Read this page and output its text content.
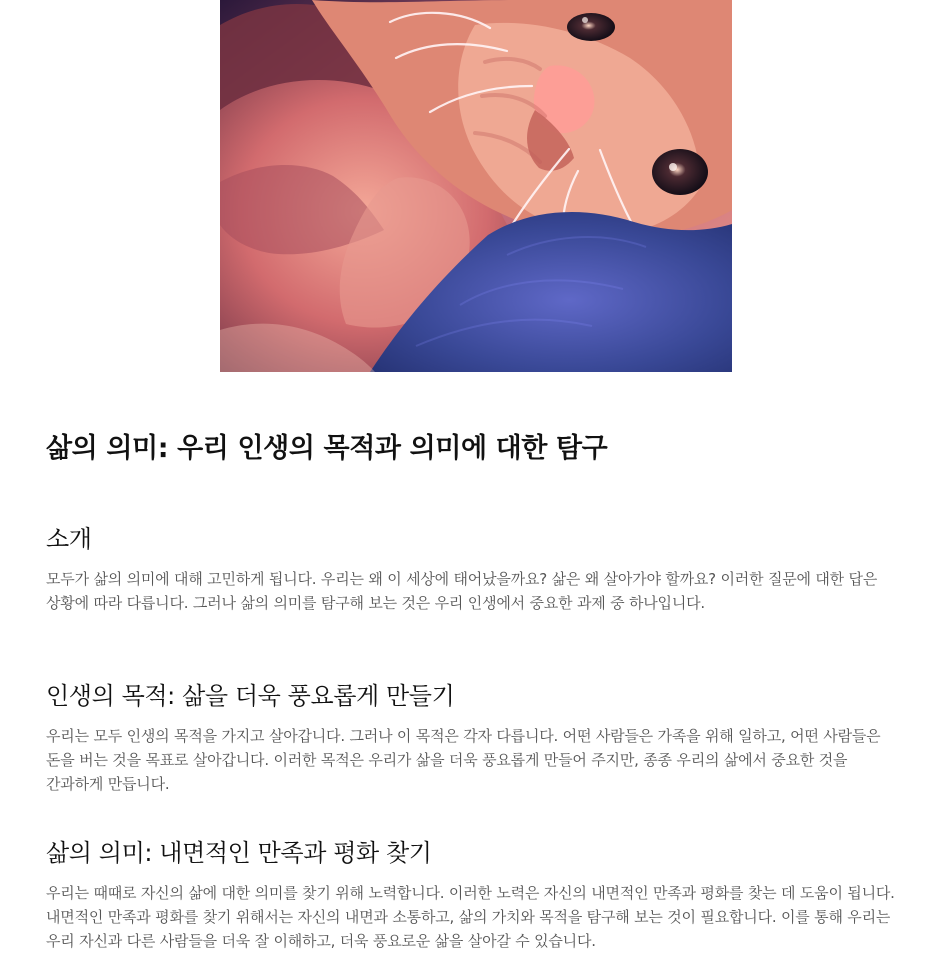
삶의 의미: 우리 인생의 목적과 의미에 대한 탐구
소개

모두가 삶의 의미에 대해 고민하게 됩니다. 우리는 왜 이 세상에 태어났을까요? 삶은 왜 살아가야 할까요? 이러한 질문에 대한 답은 상황에 따라 다릅니다. 그러나 삶의 의미를 탐구해 보는 것은 우리 인생에서 중요한 과제 중 하나입니다.

인생의 목적: 삶을 더욱 풍요롭게 만들기

우리는 모두 인생의 목적을 가지고 살아갑니다. 그러나 이 목적은 각자 다릅니다. 어떤 사람들은 가족을 위해 일하고, 어떤 사람들은 돈을 버는 것을 목표로 살아갑니다. 이러한 목적은 우리가 삶을 더욱 풍요롭게 만들어 주지만, 종종 우리의 삶에서 중요한 것을 간과하게 만듭니다.

삶의 의미: 내면적인 만족과 평화 찾기

우리는 때때로 자신의 삶에 대한 의미를 찾기 위해 노력합니다. 이러한 노력은 자신의 내면적인 만족과 평화를 찾는 데 도움이 됩니다. 내면적인 만족과 평화를 찾기 위해서는 자신의 내면과 소통하고, 삶의 가치와 목적을 탐구해 보는 것이 필요합니다. 이를 통해 우리는 우리 자신과 다른 사람들을 더욱 잘 이해하고, 더욱 풍요로운 삶을 살아갈 수 있습니다.
